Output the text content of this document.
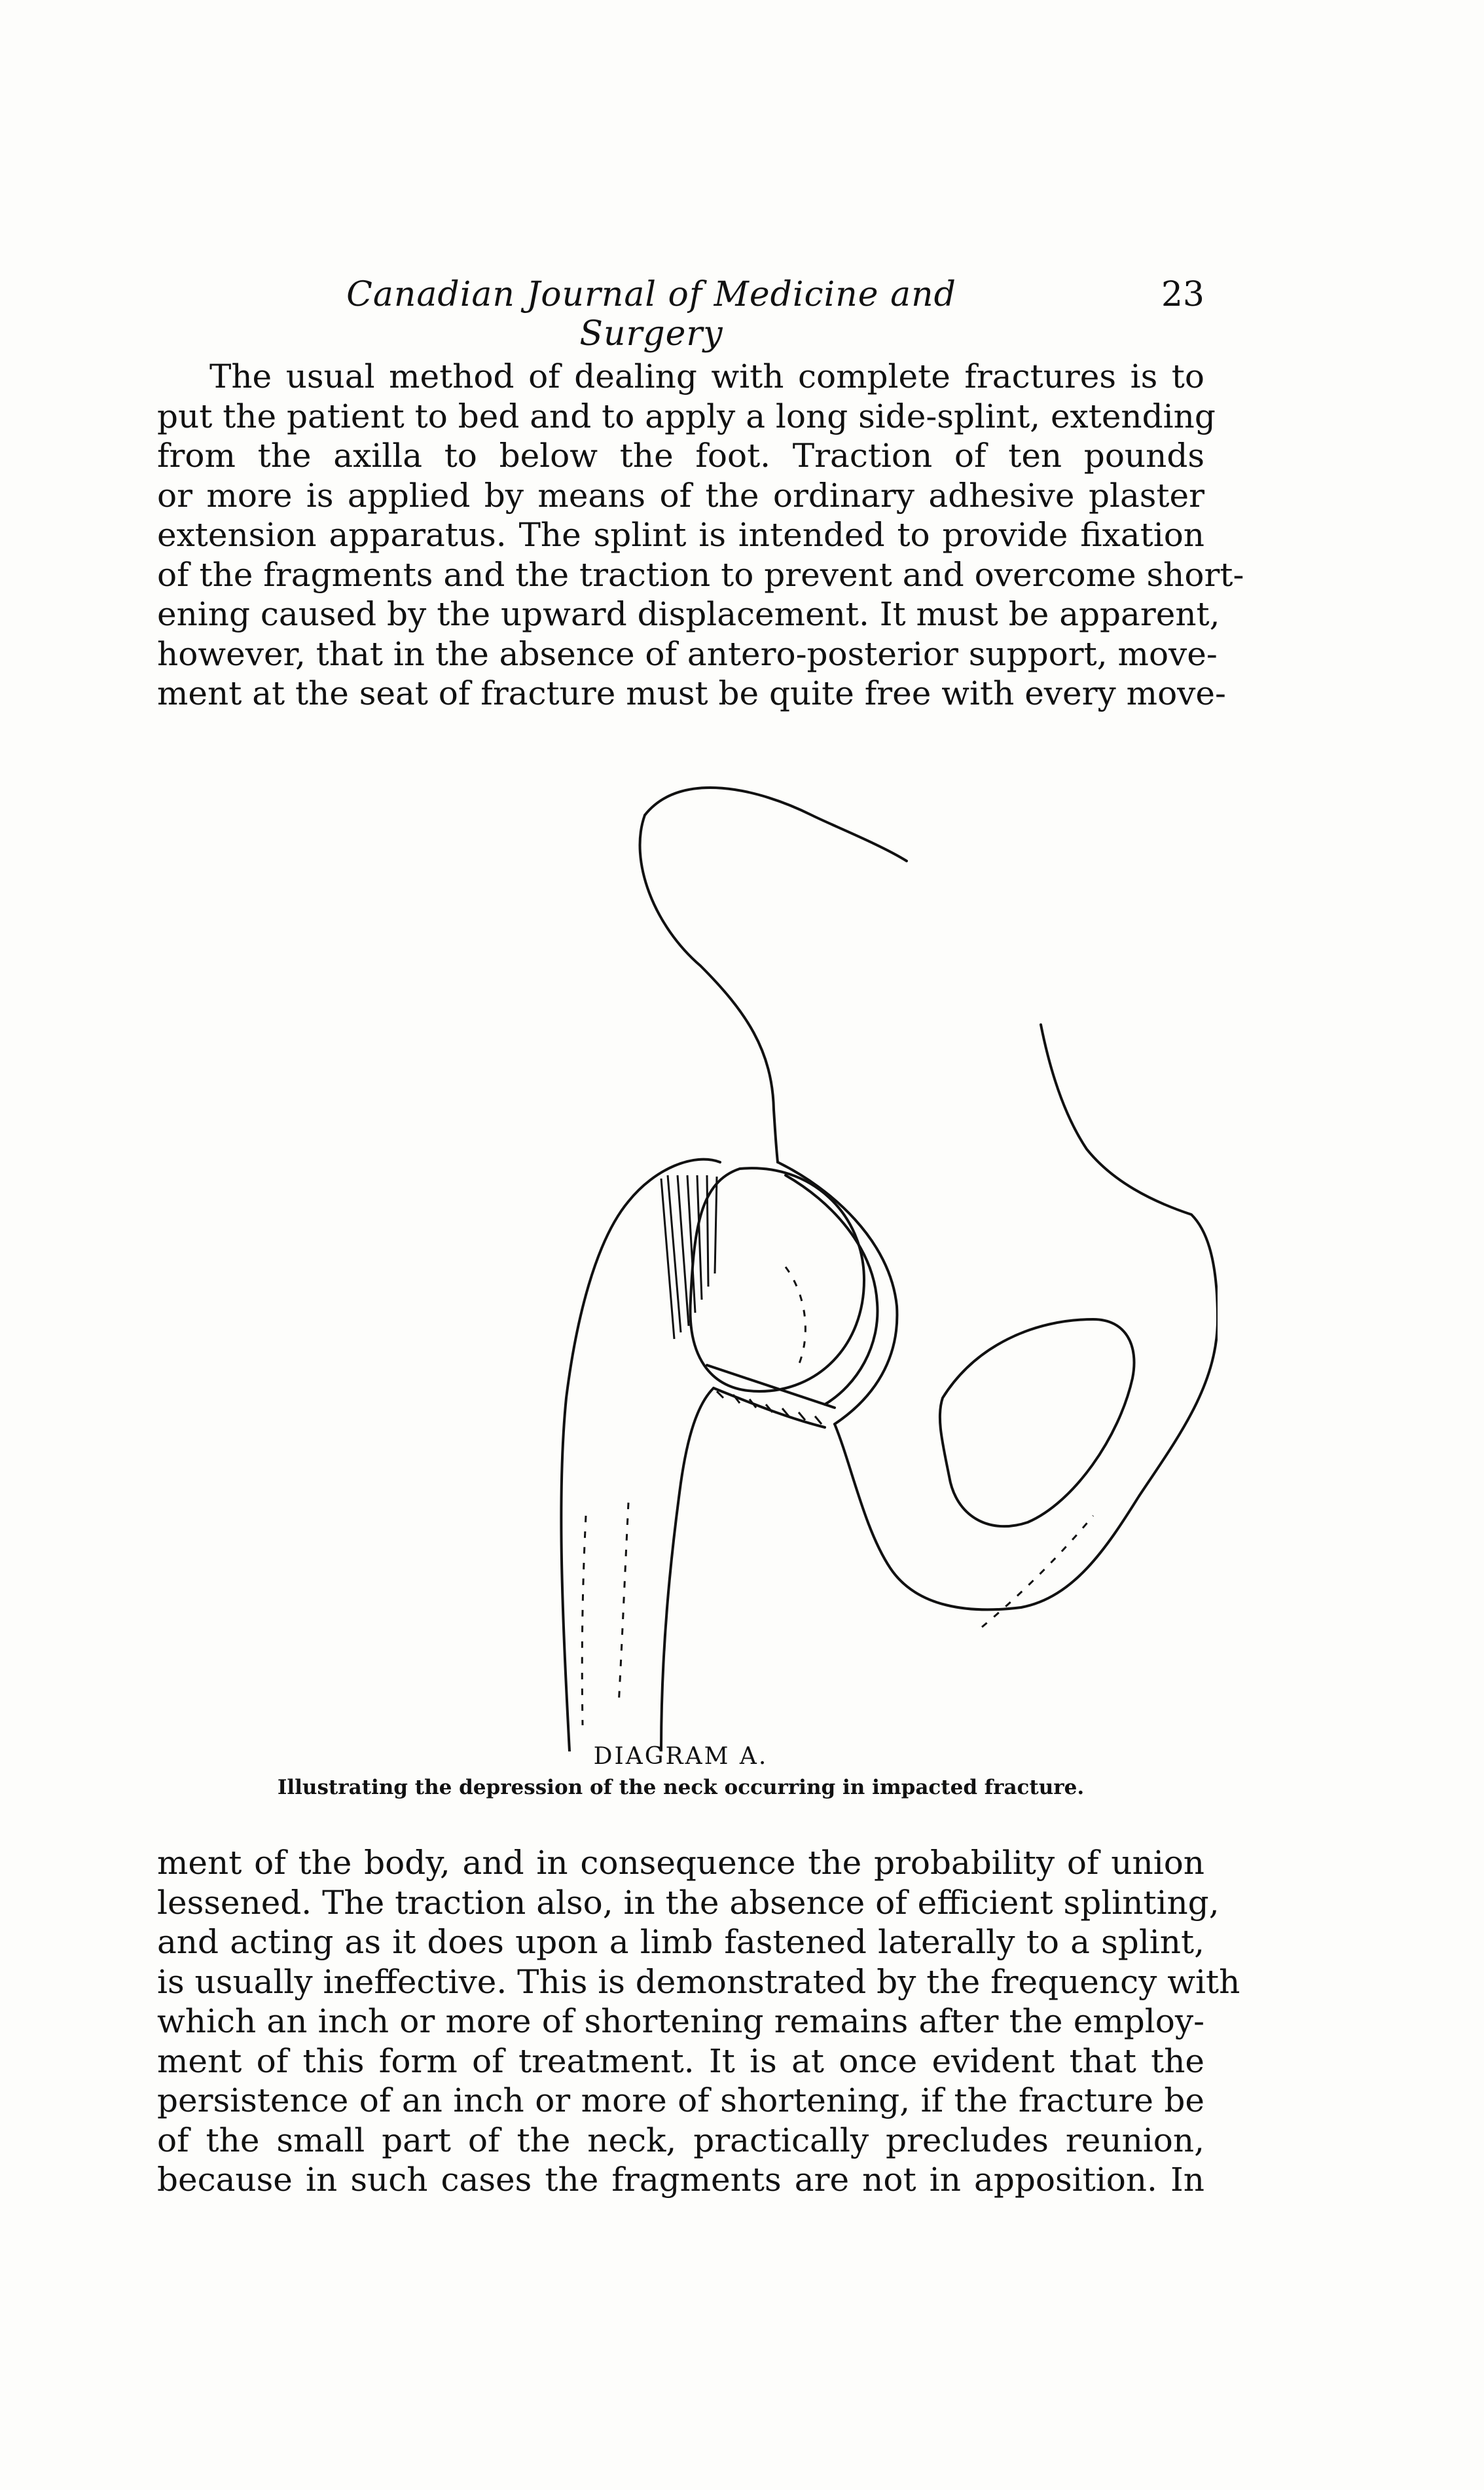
Canadian Journal of Medicine and Surgery
23
The usual method of dealing with complete fractures is to
put the patient to bed and to apply a long side-splint, extending
from the axilla to below the foot. Traction of ten pounds
or more is applied by means of the ordinary adhesive plaster
extension apparatus. The splint is intended to provide fixation
of the fragments and the traction to prevent and overcome short-
ening caused by the upward displacement. It must be apparent,
however, that in the absence of antero-posterior support, move-
ment at the seat of fracture must be quite free with every move-
DIAGRAM A.
Illustrating the depression of the neck occurring in impacted fracture.
ment of the body, and in consequence the probability of union
lessened. The traction also, in the absence of efficient splinting,
and acting as it does upon a limb fastened laterally to a splint,
is usually ineffective. This is demonstrated by the frequency with
which an inch or more of shortening remains after the employ-
ment of this form of treatment. It is at once evident that the
persistence of an inch or more of shortening, if the fracture be
of the small part of the neck, practically precludes reunion,
because in such cases the fragments are not in apposition. In
